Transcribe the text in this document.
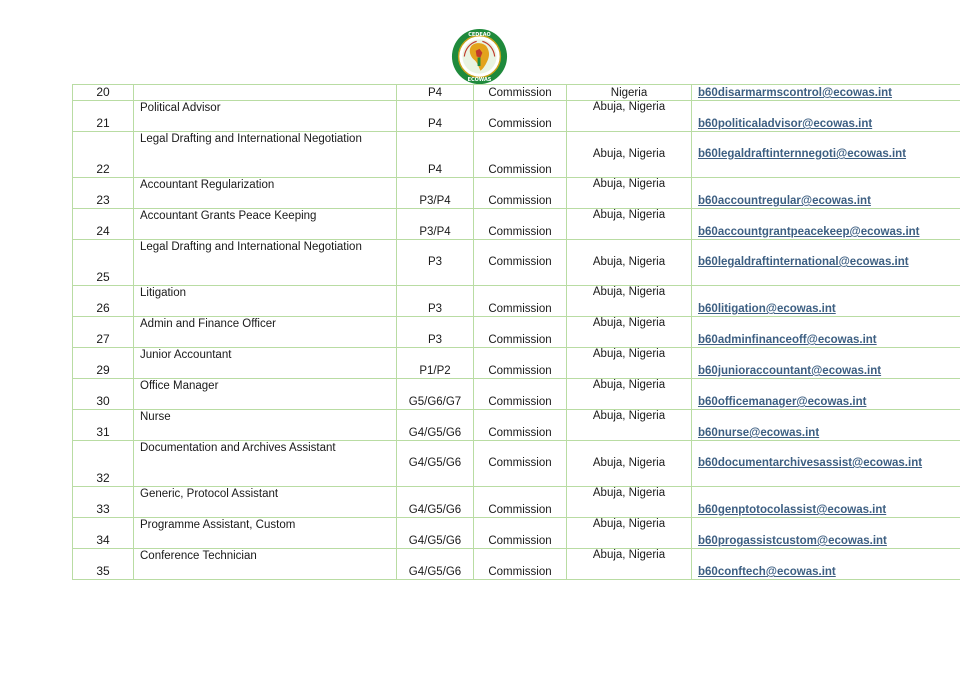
CEDEAO
ECOWAS
20		P4	Commission	Nigeria	b60disarmarmscontrol@ecowas.int
21	Political Advisor	P4	Commission	Abuja, Nigeria	b60politicaladvisor@ecowas.int
22	Legal Drafting and International Negotiation	P4	Commission	Abuja, Nigeria	b60legaldraftinternnegoti@ecowas.int
23	Accountant Regularization	P3/P4	Commission	Abuja, Nigeria	b60accountregular@ecowas.int
24	Accountant Grants Peace Keeping	P3/P4	Commission	Abuja, Nigeria	b60accountgrantpeacekeep@ecowas.int
25	Legal Drafting and International Negotiation	P3	Commission	Abuja, Nigeria	b60legaldraftinternational@ecowas.int
26	Litigation	P3	Commission	Abuja, Nigeria	b60litigation@ecowas.int
27	Admin and Finance Officer	P3	Commission	Abuja, Nigeria	b60adminfinanceoff@ecowas.int
29	Junior Accountant	P1/P2	Commission	Abuja, Nigeria	b60junioraccountant@ecowas.int
30	Office Manager	G5/G6/G7	Commission	Abuja, Nigeria	b60officemanager@ecowas.int
31	Nurse	G4/G5/G6	Commission	Abuja, Nigeria	b60nurse@ecowas.int
32	Documentation and Archives Assistant	G4/G5/G6	Commission	Abuja, Nigeria	b60documentarchivesassist@ecowas.int
33	Generic, Protocol Assistant	G4/G5/G6	Commission	Abuja, Nigeria	b60genptotocolassist@ecowas.int
34	Programme Assistant, Custom	G4/G5/G6	Commission	Abuja, Nigeria	b60progassistcustom@ecowas.int
35	Conference Technician	G4/G5/G6	Commission	Abuja, Nigeria	b60conftech@ecowas.int
